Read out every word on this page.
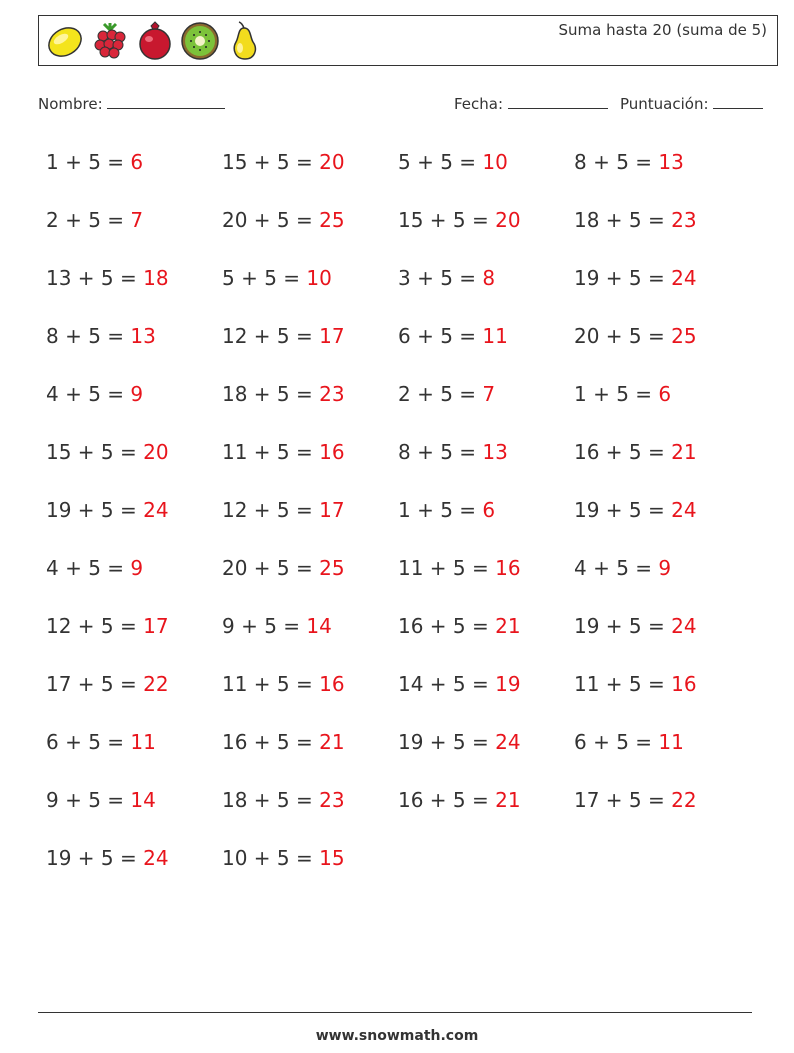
Suma hasta 20 (suma de 5)
Nombre:	Fecha:	Puntuación:
1 + 5 = 6	15 + 5 = 20	5 + 5 = 10	8 + 5 = 13
2 + 5 = 7	20 + 5 = 25	15 + 5 = 20	18 + 5 = 23
13 + 5 = 18	5 + 5 = 10	3 + 5 = 8	19 + 5 = 24
8 + 5 = 13	12 + 5 = 17	6 + 5 = 11	20 + 5 = 25
4 + 5 = 9	18 + 5 = 23	2 + 5 = 7	1 + 5 = 6
15 + 5 = 20	11 + 5 = 16	8 + 5 = 13	16 + 5 = 21
19 + 5 = 24	12 + 5 = 17	1 + 5 = 6	19 + 5 = 24
4 + 5 = 9	20 + 5 = 25	11 + 5 = 16	4 + 5 = 9
12 + 5 = 17	9 + 5 = 14	16 + 5 = 21	19 + 5 = 24
17 + 5 = 22	11 + 5 = 16	14 + 5 = 19	11 + 5 = 16
6 + 5 = 11	16 + 5 = 21	19 + 5 = 24	6 + 5 = 11
9 + 5 = 14	18 + 5 = 23	16 + 5 = 21	17 + 5 = 22
19 + 5 = 24	10 + 5 = 15
www.snowmath.com
